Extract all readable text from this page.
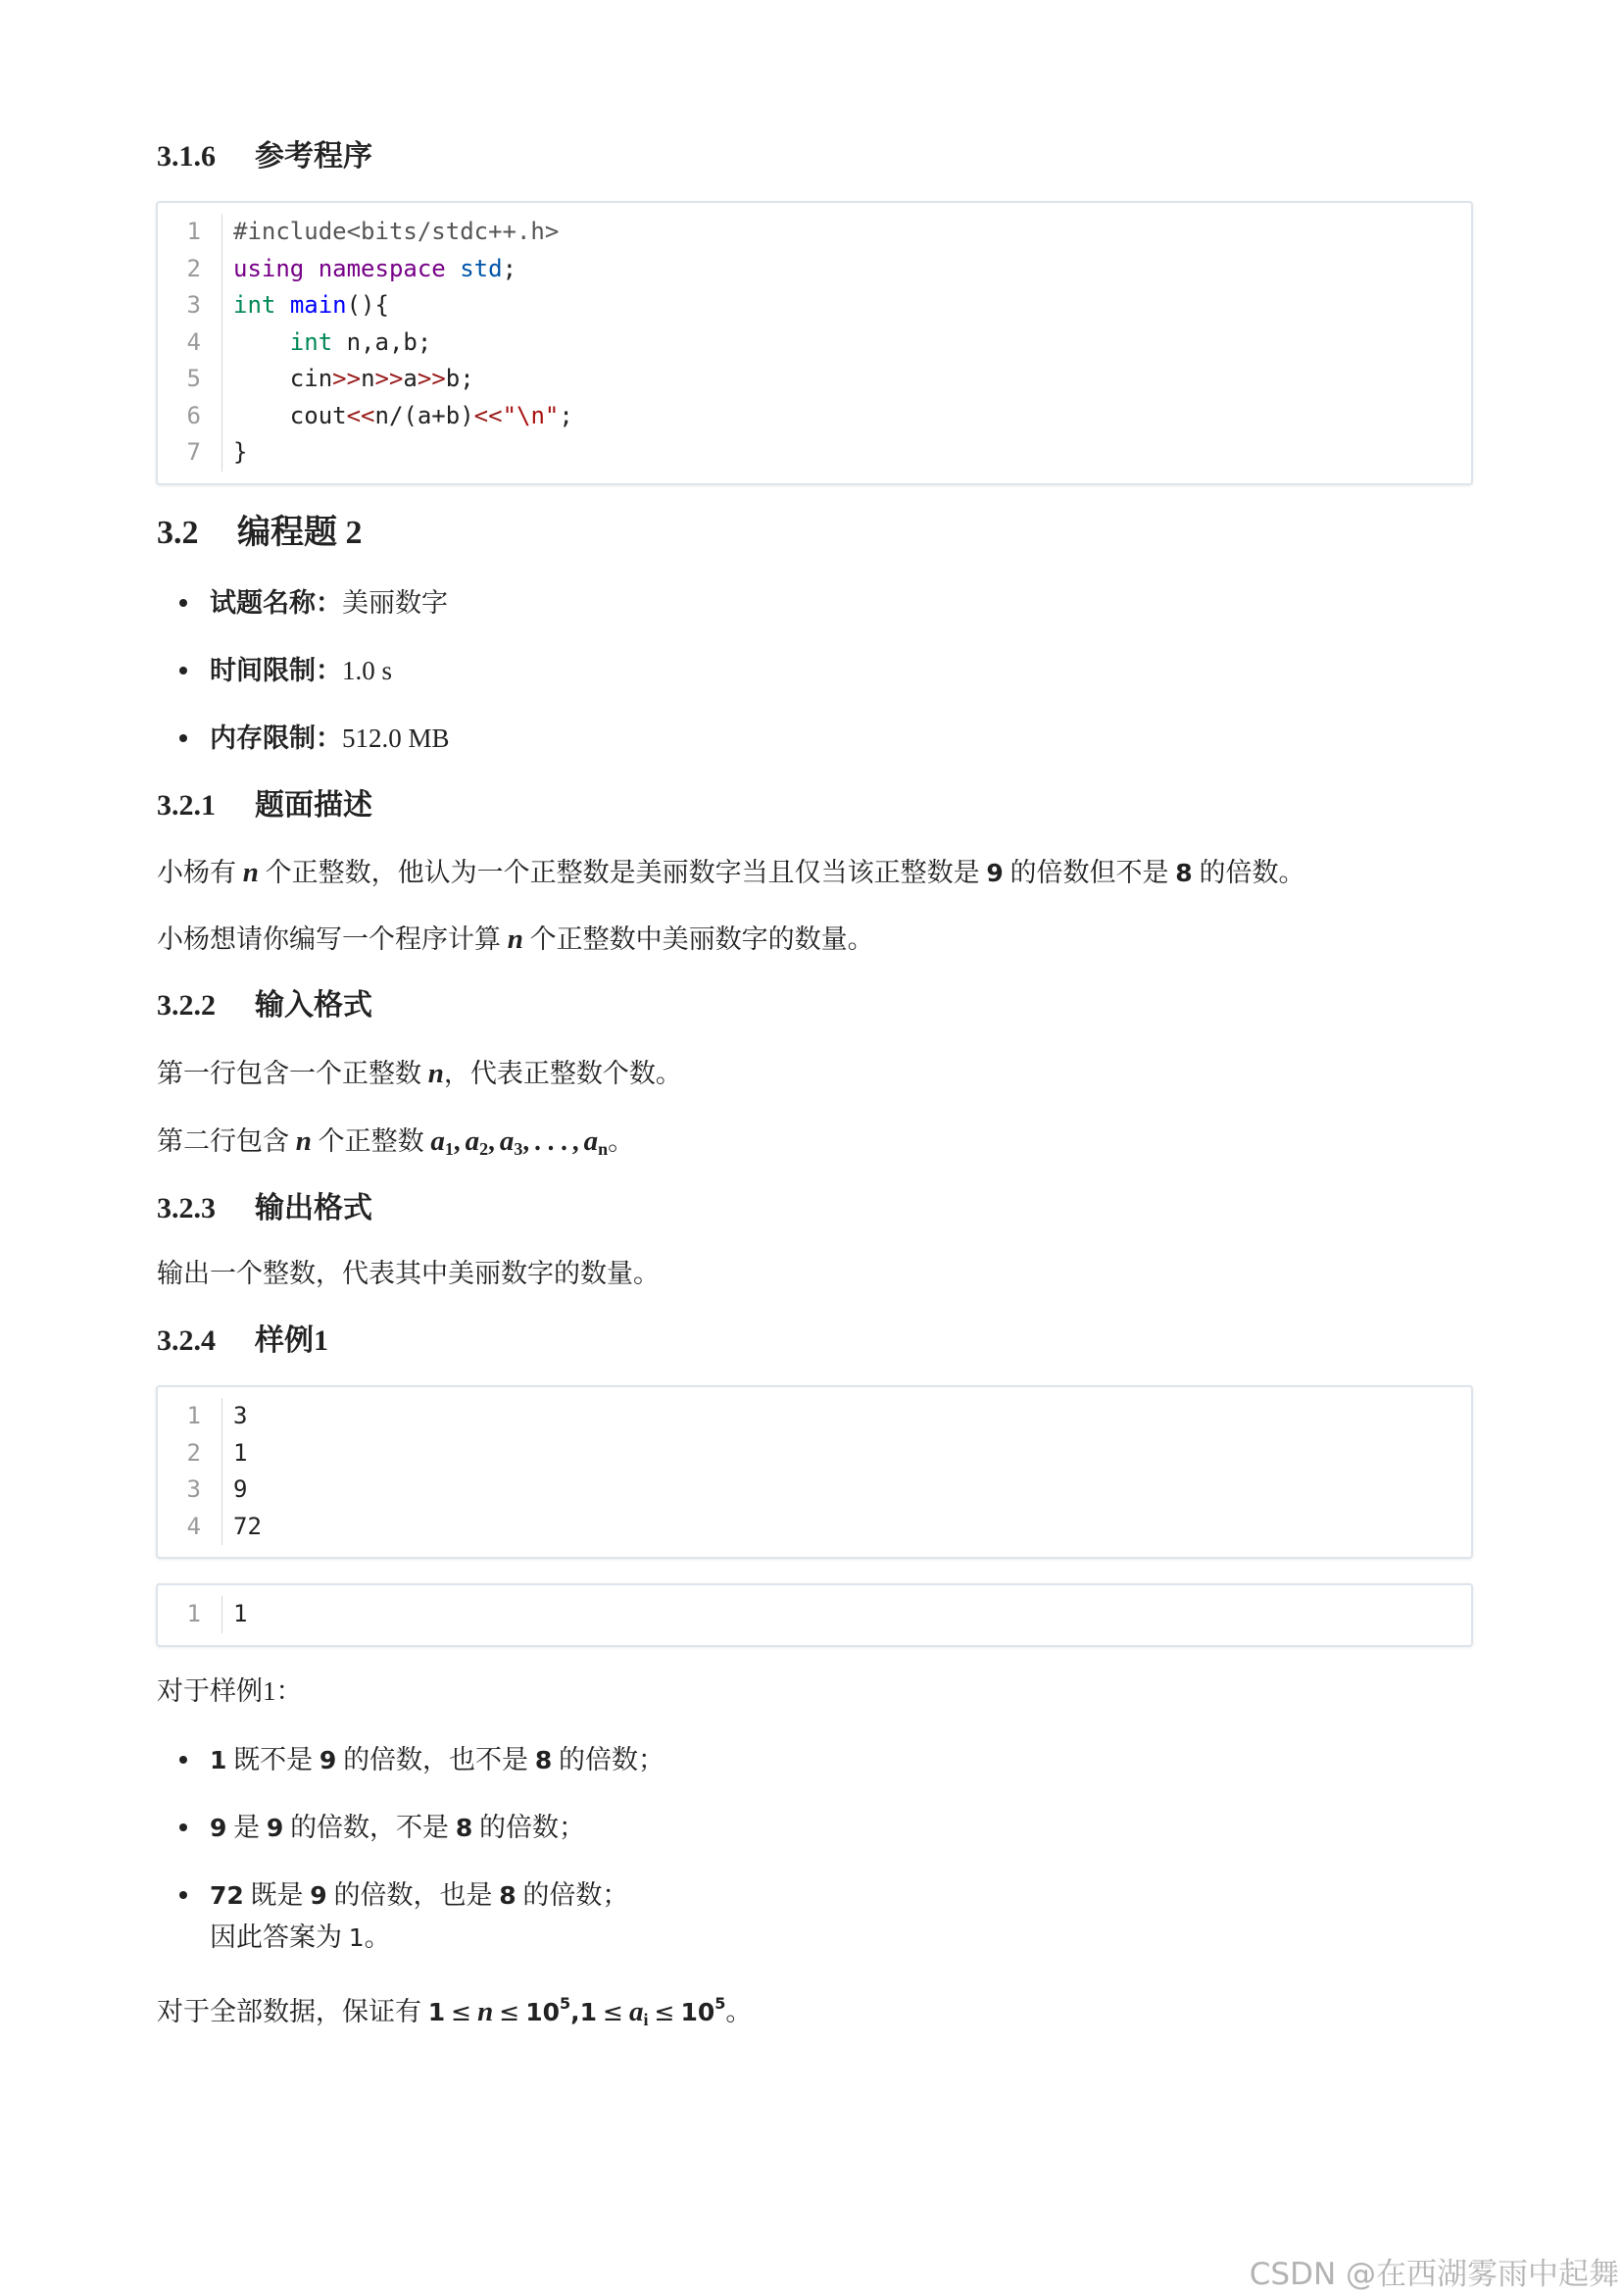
3.1.6 参考程序
1
2
3
4
5
6
7
#include<bits/stdc++.h>
using namespace std;
int main(){
int n,a,b;
cin>>n>>a>>b;
cout<<n/(a+b)<<"\n";
}
3.2 编程题 2
试题名称：美丽数字
时间限制：1.0 s
内存限制：512.0 MB
3.2.1 题面描述
小杨有 n 个正整数，他认为一个正整数是美丽数字当且仅当该正整数是 9 的倍数但不是 8 的倍数。
小杨想请你编写一个程序计算 n 个正整数中美丽数字的数量。
3.2.2 输入格式
第一行包含一个正整数 n，代表正整数个数。
第二行包含 n 个正整数 a1, a2, a3, . . . , an。
3.2.3 输出格式
输出一个整数，代表其中美丽数字的数量。
3.2.4 样例1
1
2
3
4
3
1
9
72
1 1
对于样例1：
1 既不是 9 的倍数，也不是 8 的倍数；
9 是 9 的倍数，不是 8 的倍数；
72 既是 9 的倍数，也是 8 的倍数；
因此答案为 1。
对于全部数据，保证有 $1 \le n \le 10^5,1$ ≤ ai ≤ $10^5$。
CSDN @在西湖雾雨中起舞
